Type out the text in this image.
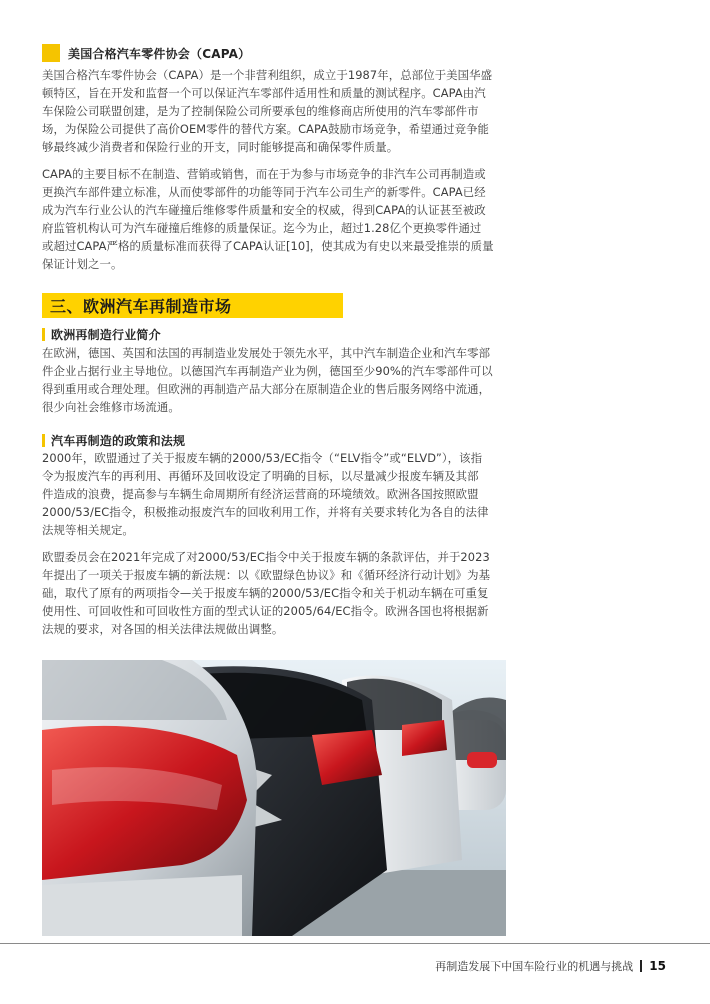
美国合格汽车零件协会（CAPA）
美国合格汽车零件协会（CAPA）是一个非营利组织，成立于1987年，总部位于美国华盛
顿特区，旨在开发和监督一个可以保证汽车零部件适用性和质量的测试程序。CAPA由汽
车保险公司联盟创建，是为了控制保险公司所要承包的维修商店所使用的汽车零部件市
场，为保险公司提供了高价OEM零件的替代方案。CAPA鼓励市场竞争，希望通过竞争能
够最终减少消费者和保险行业的开支，同时能够提高和确保零件质量。
CAPA的主要目标不在制造、营销或销售，而在于为参与市场竞争的非汽车公司再制造或
更换汽车部件建立标准，从而使零部件的功能等同于汽车公司生产的新零件。CAPA已经
成为汽车行业公认的汽车碰撞后维修零件质量和安全的权威，得到CAPA的认证甚至被政
府监管机构认可为汽车碰撞后维修的质量保证。迄今为止，超过1.28亿个更换零件通过
或超过CAPA严格的质量标准而获得了CAPA认证[10]，使其成为有史以来最受推崇的质量
保证计划之一。
三、欧洲汽车再制造市场
欧洲再制造行业简介
在欧洲，德国、英国和法国的再制造业发展处于领先水平，其中汽车制造企业和汽车零部
件企业占据行业主导地位。以德国汽车再制造产业为例，德国至少90%的汽车零部件可以
得到重用或合理处理。但欧洲的再制造产品大部分在原制造企业的售后服务网络中流通，
很少向社会维修市场流通。
汽车再制造的政策和法规
2000年，欧盟通过了关于报废车辆的2000/53/EC指令（“ELV指令”或“ELVD”），该指
令为报废汽车的再利用、再循环及回收设定了明确的目标，以尽量减少报废车辆及其部
件造成的浪费，提高参与车辆生命周期所有经济运营商的环境绩效。欧洲各国按照欧盟
2000/53/EC指令，积极推动报废汽车的回收利用工作，并将有关要求转化为各自的法律
法规等相关规定。
欧盟委员会在2021年完成了对2000/53/EC指令中关于报废车辆的条款评估，并于2023
年提出了一项关于报废车辆的新法规：以《欧盟绿色协议》和《循环经济行动计划》为基
础，取代了原有的两项指令—关于报废车辆的2000/53/EC指令和关于机动车辆在可重复
使用性、可回收性和可回收性方面的型式认证的2005/64/EC指令。欧洲各国也将根据新
法规的要求，对各国的相关法律法规做出调整。
再制造发展下中国车险行业的机遇与挑战 15
